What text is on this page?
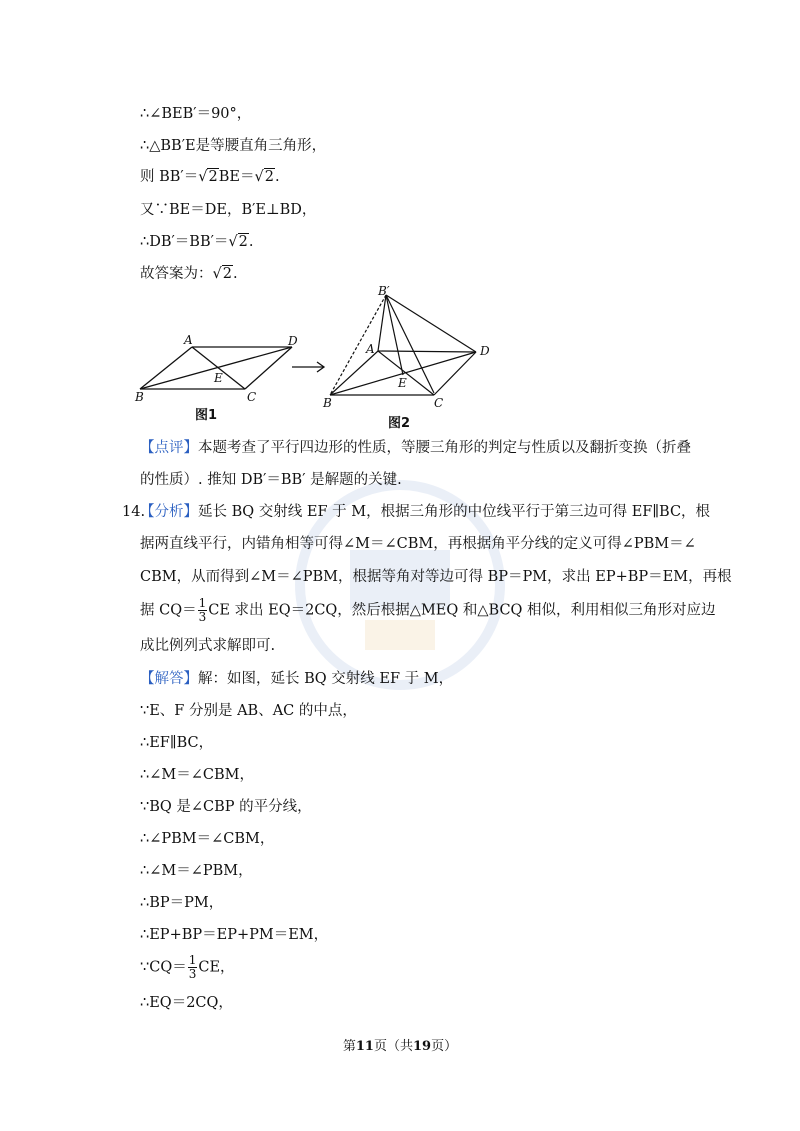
∴∠BEB′＝90°，
∴△BB′E是等腰直角三角形，
则 BB′＝√2BE＝√2.
又∵BE＝DE，B′E⊥BD，
∴DB′＝BB′＝√2.
故答案为：√2.
A	D
E
B	C
图1
B′
A	D
E
B	C
图2
【点评】本题考查了平行四边形的性质，等腰三角形的判定与性质以及翻折变换（折叠
的性质）. 推知 DB′＝BB′ 是解题的关键.
14.
【分析】延长 BQ 交射线 EF 于 M，根据三角形的中位线平行于第三边可得 EF∥BC，根
据两直线平行，内错角相等可得∠M＝∠CBM，再根据角平分线的定义可得∠PBM＝∠
CBM，从而得到∠M＝∠PBM，根据等角对等边可得 BP＝PM，求出 EP+BP＝EM，再根
据 $CQ= \frac{1}{3}$ CE 求出 EQ＝2CQ，然后根据△MEQ 和△BCQ 相似，利用相似三角形对应边
成比例列式求解即可.
【解答】解：如图，延长 BQ 交射线 EF 于 M，
∵E、F 分别是 AB、AC 的中点，
∴EF∥BC，
∴∠M＝∠CBM，
∵BQ 是∠CBP 的平分线，
∴∠PBM＝∠CBM，
∴∠M＝∠PBM，
∴BP＝PM，
∴EP+BP＝EP+PM＝EM，
∵CQ＝ $\frac{1}{3}$ CE，
∴EQ＝2CQ，
第11页（共19页）
